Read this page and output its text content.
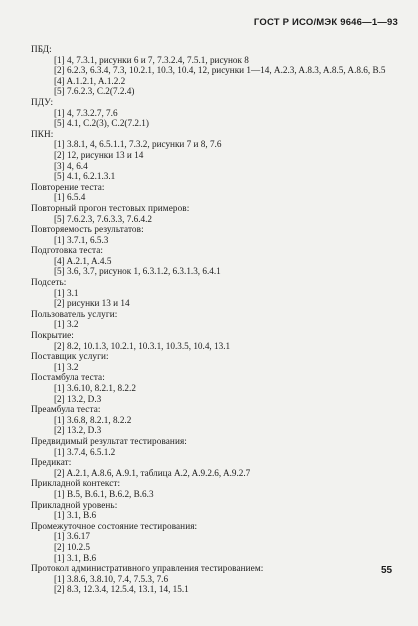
ГОСТ Р ИСО/МЭК 9646—1—93
ПБД:
[1] 4, 7.3.1, рисунки 6 и 7, 7.3.2.4, 7.5.1, рисунок 8
[2] 6.2.3, 6.3.4, 7.3, 10.2.1, 10.3, 10.4, 12, рисунки 1—14, A.2.3, A.8.3, A.8.5, A.8.6, B.5
[4] A.1.2.1, A.1.2.2
[5] 7.6.2.3, C.2(7.2.4)
ПДУ:
[1] 4, 7.3.2.7, 7.6
[5] 4.1, C.2(3), C.2(7.2.1)
ПКН:
[1] 3.8.1, 4, 6.5.1.1, 7.3.2, рисунки 7 и 8, 7.6
[2] 12, рисунки 13 и 14
[3] 4, 6.4
[5] 4.1, 6.2.1.3.1
Повторение теста:
[1] 6.5.4
Повторный прогон тестовых примеров:
[5] 7.6.2.3, 7.6.3.3, 7.6.4.2
Повторяемость результатов:
[1] 3.7.1, 6.5.3
Подготовка теста:
[4] A.2.1, A.4.5
[5] 3.6, 3.7, рисунок 1, 6.3.1.2, 6.3.1.3, 6.4.1
Подсеть:
[1] 3.1
[2] рисунки 13 и 14
Пользователь услуги:
[1] 3.2
Покрытие:
[2] 8.2, 10.1.3, 10.2.1, 10.3.1, 10.3.5, 10.4, 13.1
Поставщик услуги:
[1] 3.2
Постамбула теста:
[1] 3.6.10, 8.2.1, 8.2.2
[2] 13.2, D.3
Преамбула теста:
[1] 3.6.8, 8.2.1, 8.2.2
[2] 13.2, D.3
Предвидимый результат тестирования:
[1] 3.7.4, 6.5.1.2
Предикат:
[2] A.2.1, A.8.6, A.9.1, таблица A.2, A.9.2.6, A.9.2.7
Прикладной контекст:
[1] B.5, B.6.1, B.6.2, B.6.3
Прикладной уровень:
[1] 3.1, B.6
Промежуточное состояние тестирования:
[1] 3.6.17
[2] 10.2.5
[1] 3.1, B.6
Протокол административного управления тестированием:
[1] 3.8.6, 3.8.10, 7.4, 7.5.3, 7.6
[2] 8.3, 12.3.4, 12.5.4, 13.1, 14, 15.1
55
